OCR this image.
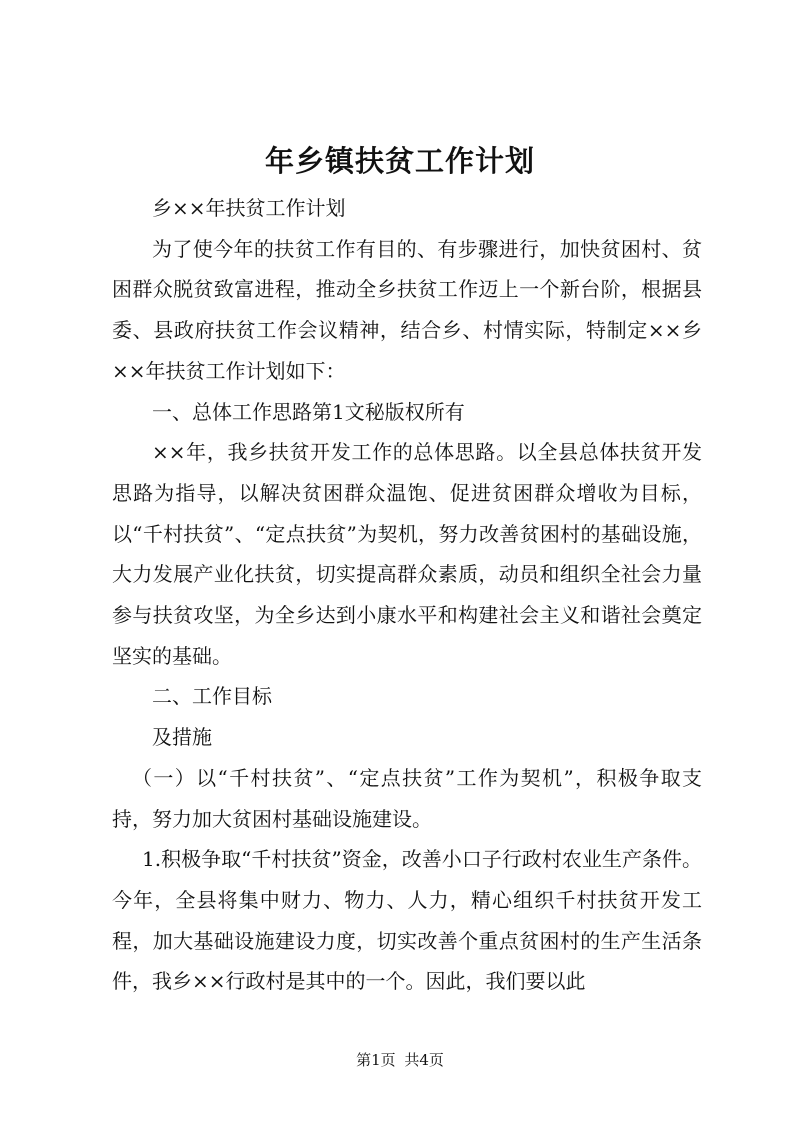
年乡镇扶贫工作计划

乡××年扶贫工作计划

为了使今年的扶贫工作有目的、有步骤进行，加快贫困村、贫困群众脱贫致富进程，推动全乡扶贫工作迈上一个新台阶，根据县委、县政府扶贫工作会议精神，结合乡、村情实际，特制定××乡××年扶贫工作计划如下：

一、总体工作思路第1文秘版权所有

××年，我乡扶贫开发工作的总体思路。以全县总体扶贫开发思路为指导，以解决贫困群众温饱、促进贫困群众增收为目标，以“千村扶贫”、“定点扶贫”为契机，努力改善贫困村的基础设施，大力发展产业化扶贫，切实提高群众素质，动员和组织全社会力量参与扶贫攻坚，为全乡达到小康水平和构建社会主义和谐社会奠定坚实的基础。

二、工作目标

及措施

（一）以“千村扶贫”、“定点扶贫”工作为契机”，积极争取支持，努力加大贫困村基础设施建设。

1.积极争取“千村扶贫”资金，改善小口子行政村农业生产条件。今年，全县将集中财力、物力、人力，精心组织千村扶贫开发工程，加大基础设施建设力度，切实改善个重点贫困村的生产生活条件，我乡××行政村是其中的一个。因此，我们要以此

第1页 共4页
